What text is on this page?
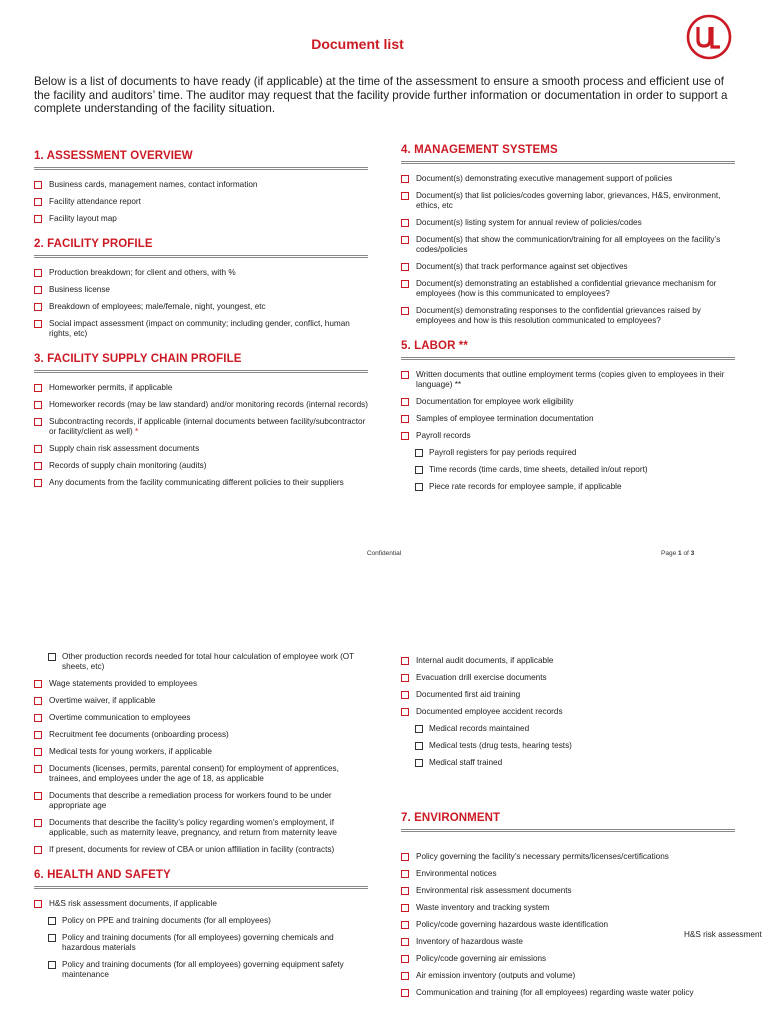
Document list

Below is a list of documents to have ready (if applicable) at the time of the assessment to ensure a smooth process and efficient use of the facility and auditors’ time. The auditor may request that the facility provide further information or documentation in order to support a complete understanding of the facility situation.

1. ASSESSMENT OVERVIEW
Business cards, management names, contact information
Facility attendance report
Facility layout map
2. FACILITY PROFILE
Production breakdown; for client and others, with %
Business license
Breakdown of employees; male/female, night, youngest, etc
Social impact assessment (impact on community; including gender, conflict, human rights, etc)
3. FACILITY SUPPLY CHAIN PROFILE
Homeworker permits, if applicable
Homeworker records (may be law standard) and/or monitoring records (internal records)
Subcontracting records, if applicable (internal documents between facility/subcontractor or facility/client as well) *
Supply chain risk assessment documents
Records of supply chain monitoring (audits)
Any documents from the facility communicating different policies to their suppliers
4. MANAGEMENT SYSTEMS
Document(s) demonstrating executive management support of policies
Document(s) that list policies/codes governing labor, grievances, H&S, environment, ethics, etc
Document(s) listing system for annual review of policies/codes
Document(s) that show the communication/training for all employees on the facility’s codes/policies
Document(s) that track performance against set objectives
Document(s) demonstrating an established a confidential grievance mechanism for employees (how is this communicated to employees?
Document(s) demonstrating responses to the confidential grievances raised by employees and how is this resolution communicated to employees?
5. LABOR **
Written documents that outline employment terms (copies given to employees in their language) **
Documentation for employee work eligibility
Samples of employee termination documentation
Payroll records
Payroll registers for pay periods required
Time records (time cards, time sheets, detailed in/out report)
Piece rate records for employee sample, if applicable
Confidential	Page 1 of 3
Other production records needed for total hour calculation of employee work (OT sheets, etc)
Wage statements provided to employees
Overtime waiver, if applicable
Overtime communication to employees
Recruitment fee documents (onboarding process)
Medical tests for young workers, if applicable
Documents (licenses, permits, parental consent) for employment of apprentices, trainees, and employees under the age of 18, as applicable
Documents that describe a remediation process for workers found to be under appropriate age
Documents that describe the facility’s policy regarding women’s employment, if applicable, such as maternity leave, pregnancy, and return from maternity leave
If present, documents for review of CBA or union affiliation in facility (contracts)
6. HEALTH AND SAFETY
H&S risk assessment documents, if applicable
Policy on PPE and training documents (for all employees)
Policy and training documents (for all employees) governing chemicals and hazardous materials
Policy and training documents (for all employees) governing equipment safety maintenance
Internal audit documents, if applicable
Evacuation drill exercise documents
Documented first aid training
Documented employee accident records
Medical records maintained
Medical tests (drug tests, hearing tests)
Medical staff trained
7. ENVIRONMENT
Policy governing the facility’s necessary permits/licenses/certifications
Environmental notices
Environmental risk assessment documents
Waste inventory and tracking system
Policy/code governing hazardous waste identification
Inventory of hazardous waste
Policy/code governing air emissions
Air emission inventory (outputs and volume)
Communication and training (for all employees) regarding waste water policy
H&S risk assessment
